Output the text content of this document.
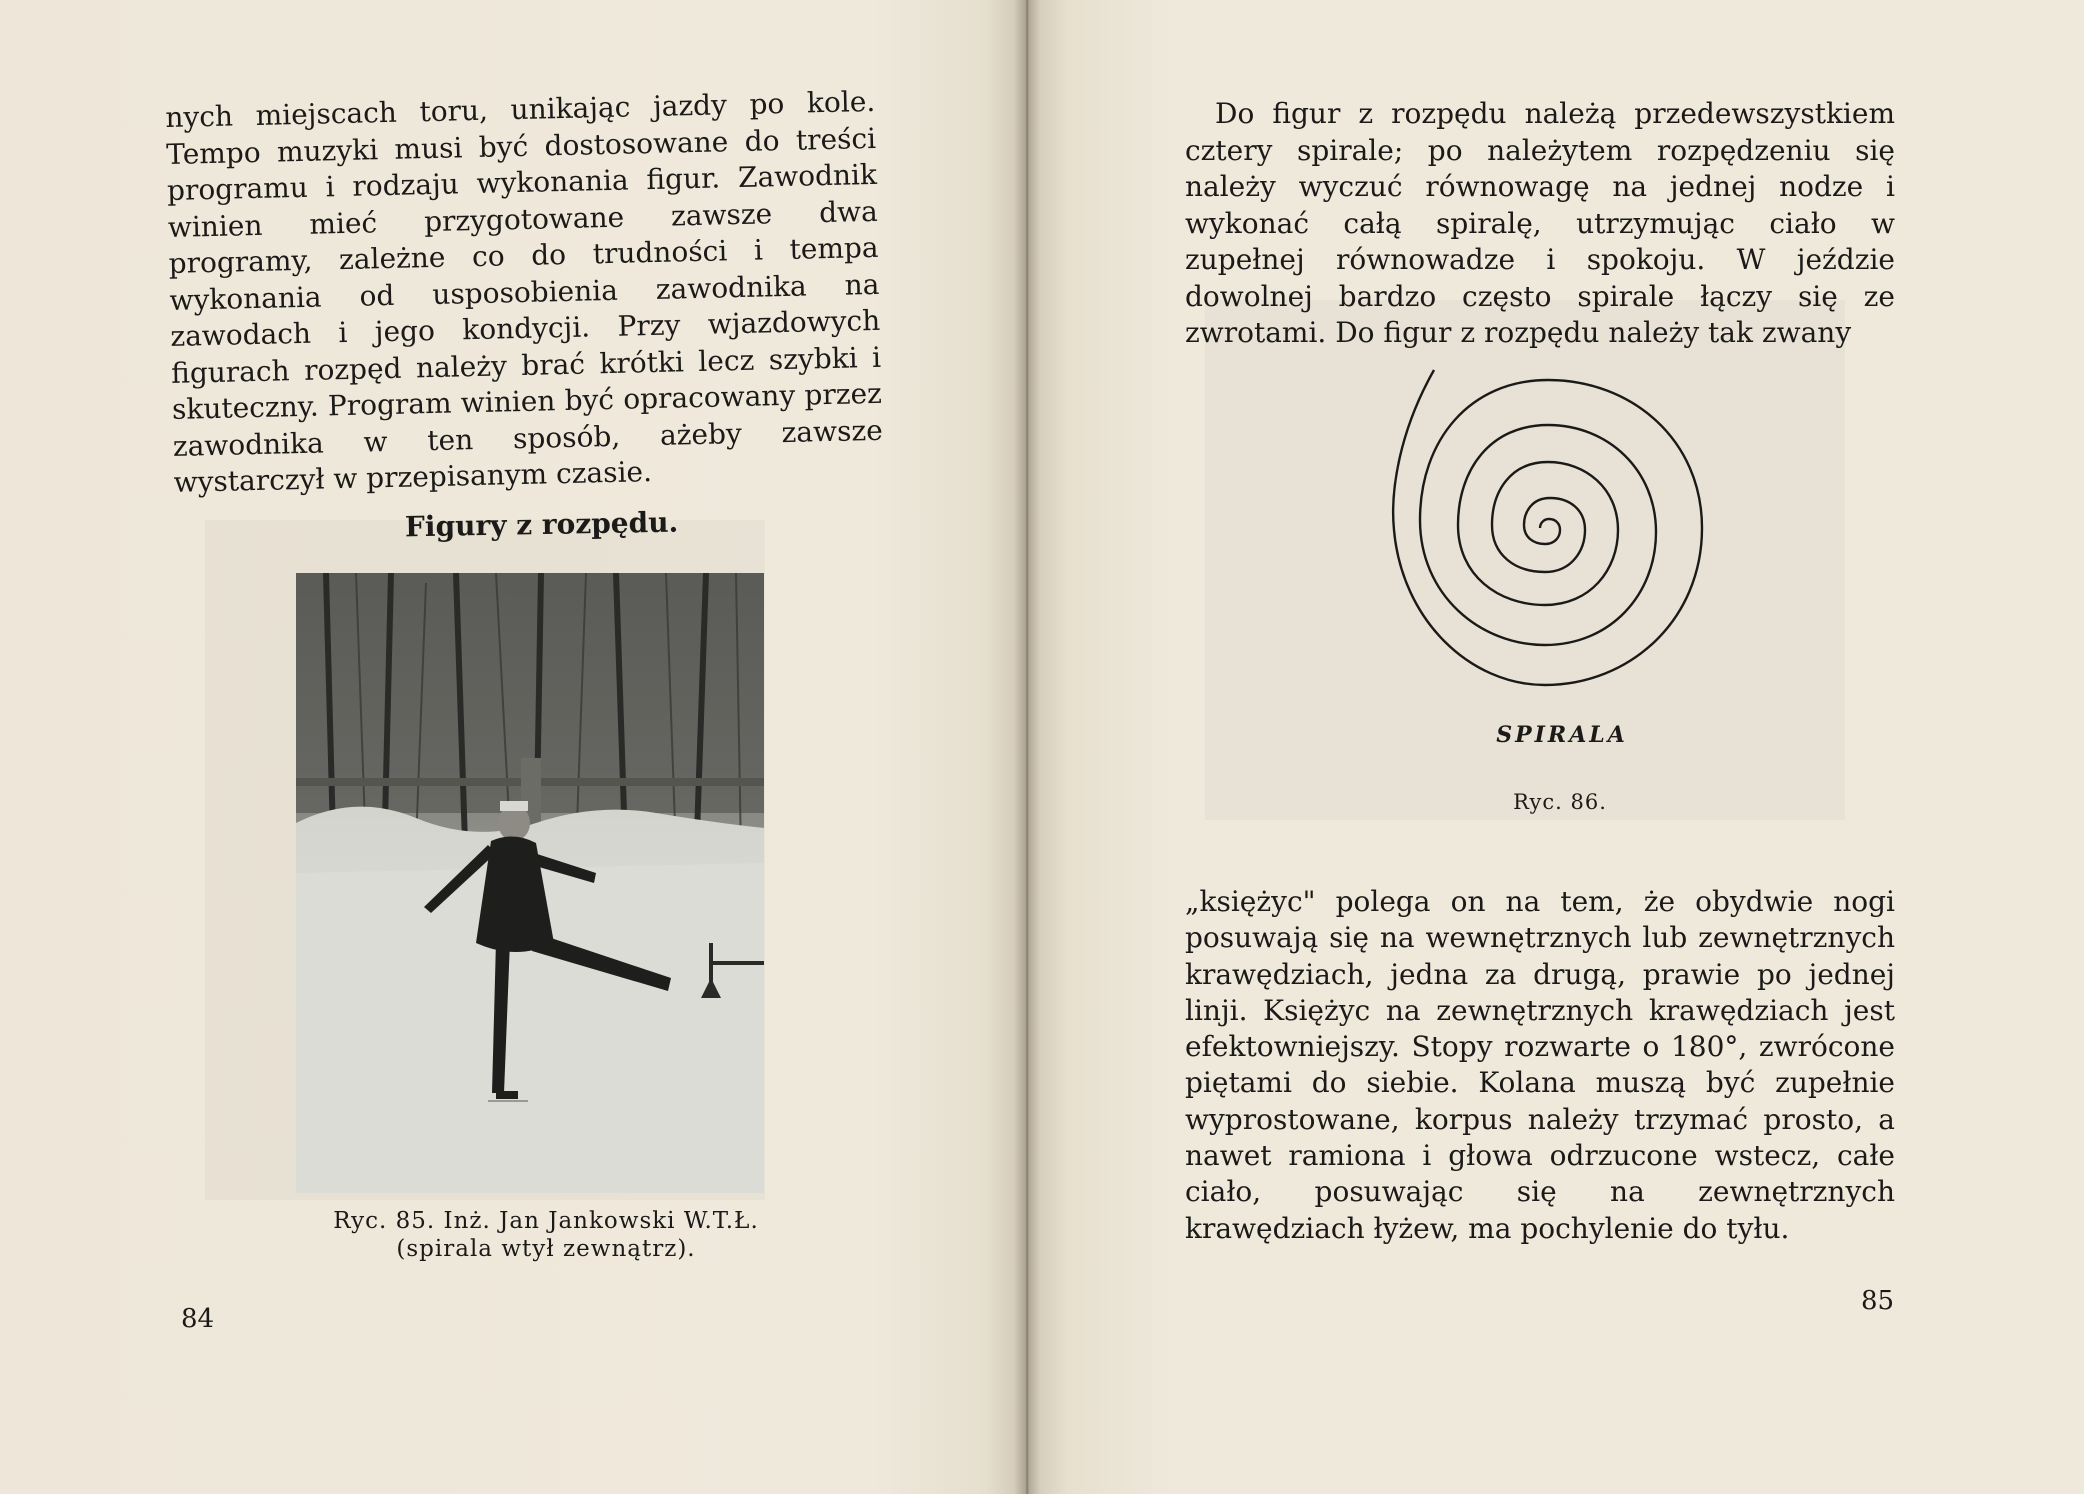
nych miejscach toru, unikając jazdy po kole. Tempo muzyki musi być dostosowane do treści programu i rodzaju wykonania figur. Zawodnik winien mieć przygotowane zawsze dwa programy, zależne co do trudności i tempa wykonania od usposobienia zawodnika na zawodach i jego kondycji. Przy wjazdowych figurach rozpęd należy brać krótki lecz szybki i skuteczny. Program winien być opracowany przez zawodnika w ten sposób, ażeby zawsze wystarczył w przepisanym czasie.

Figury z rozpędu.
Ryc. 85. Inż. Jan Jankowski W.T.Ł.
(spirala wtył zewnątrz).
84

Do figur z rozpędu należą przedewszystkiem cztery spirale; po należytem rozpędzeniu się należy wyczuć równowagę na jednej nodze i wykonać całą spiralę, utrzymując ciało w zupełnej równowadze i spokoju. W jeździe dowolnej bardzo często spirale łączy się ze zwrotami. Do figur z rozpędu należy tak zwany

SPIRALA
Ryc. 86.

„księżyc" polega on na tem, że obydwie nogi posuwają się na wewnętrznych lub zewnętrznych krawędziach, jedna za drugą, prawie po jednej linji. Księżyc na zewnętrznych krawędziach jest efektowniejszy. Stopy rozwarte o 180°, zwrócone piętami do siebie. Kolana muszą być zupełnie wyprostowane, korpus należy trzymać prosto, a nawet ramiona i głowa odrzucone wstecz, całe ciało, posuwając się na zewnętrznych krawędziach łyżew, ma pochylenie do tyłu.

85
